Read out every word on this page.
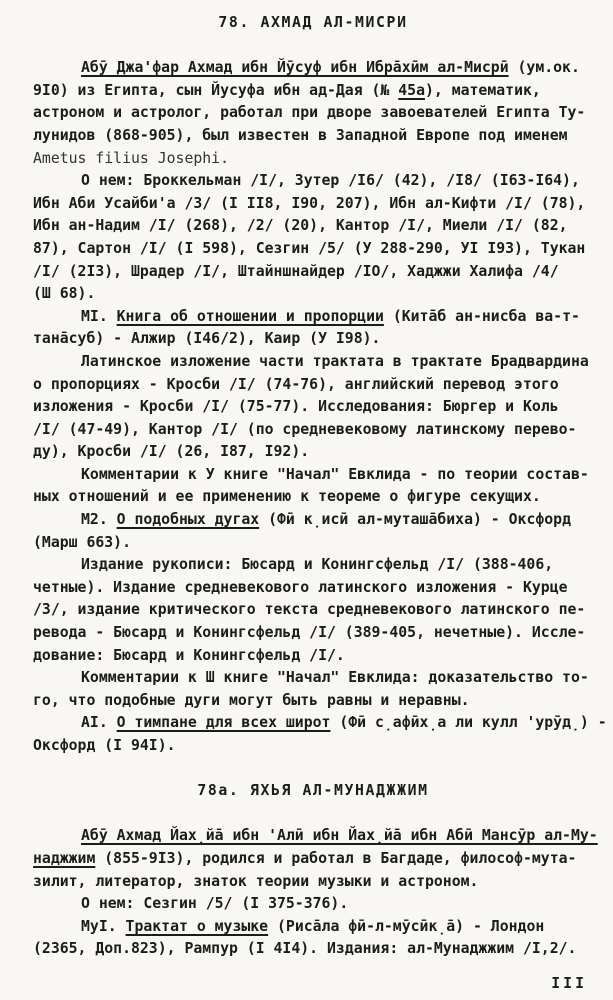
78. АХМАД АЛ-МИСРИ
Абӯ Джа'фар Ахмад ибн Йӯсуф ибн Ибра̄хӣм ал-Мисрӣ (ум.ок.
9I0) из Египта, сын Йусуфа ибн ад-Дая (№ 45а), математик,
астроном и астролог, работал при дворе завоевателей Египта Ту-
лунидов (868-905), был известен в Западной Европе под именем
Ametus filius Josephi.
О нем: Броккельман /I/, Зутер /I6/ (42), /I8/ (I63-I64),
Ибн Аби Усайби'а /3/ (I II8, I90, 207), Ибн ал-Кифти /I/ (78),
Ибн ан-Надим /I/ (268), /2/ (20), Кантор /I/, Миели /I/ (82,
87), Сартон /I/ (I 598), Сезгин /5/ (У 288-290, УI I93), Тукан
/I/ (2I3), Шрадер /I/, Штайншнайдер /IO/, Хаджжи Халифа /4/
(Ш 68).
МI. Книга об отношении и пропорции (Кита̄б ан-нисба ва-т-
тана̄суб) - Алжир (I46/2), Каир (У I98).
Латинское изложение части трактата в трактате Брадвардина
о пропорциях - Кросби /I/ (74-76), английский перевод этого
изложения - Кросби /I/ (75-77). Исследования: Бюргер и Коль
/I/ (47-49), Кантор /I/ (по средневековому латинскому перево-
ду), Кросби /I/ (26, I87, I92).
Комментарии к У книге "Начал" Евклида - по теории состав-
ных отношений и ее применению к теореме о фигуре секущих.
М2. О подобных дугах (Фӣ к̣исӣ ал-муташа̄биха) - Оксфорд
(Марш 663).
Издание рукописи: Бюсард и Конингсфельд /I/ (388-406,
четные). Издание средневекового латинского изложения - Курце
/3/, издание критического текста средневекового латинского пе-
ревода - Бюсард и Конингсфельд /I/ (389-405, нечетные). Иссле-
дование: Бюсард и Конингсфельд /I/.
Комментарии к Ш книге "Начал" Евклида: доказательство то-
го, что подобные дуги могут быть равны и неравны.
АI. О тимпане для всех широт (Фӣ с̣афӣх̣а ли кулл 'урӯд̣) -
Оксфорд (I 94I).
78а. ЯХЬЯ АЛ-МУНАДЖЖИМ
Абӯ Ахмад Йах̣йа̄ ибн 'Алӣ ибн Йах̣йа̄ ибн Абӣ Мансӯр ал-Му-
наджжим (855-9I3), родился и работал в Багдаде, философ-мута-
зилит, литератор, знаток теории музыки и астроном.
О нем: Сезгин /5/ (I 375-376).
МуI. Трактат о музыке (Риса̄ла фӣ-л-мӯсӣк̣а̄) - Лондон
(2365, Доп.823), Рампур (I 4I4). Издания: ал-Мунаджжим /I,2/.
III
